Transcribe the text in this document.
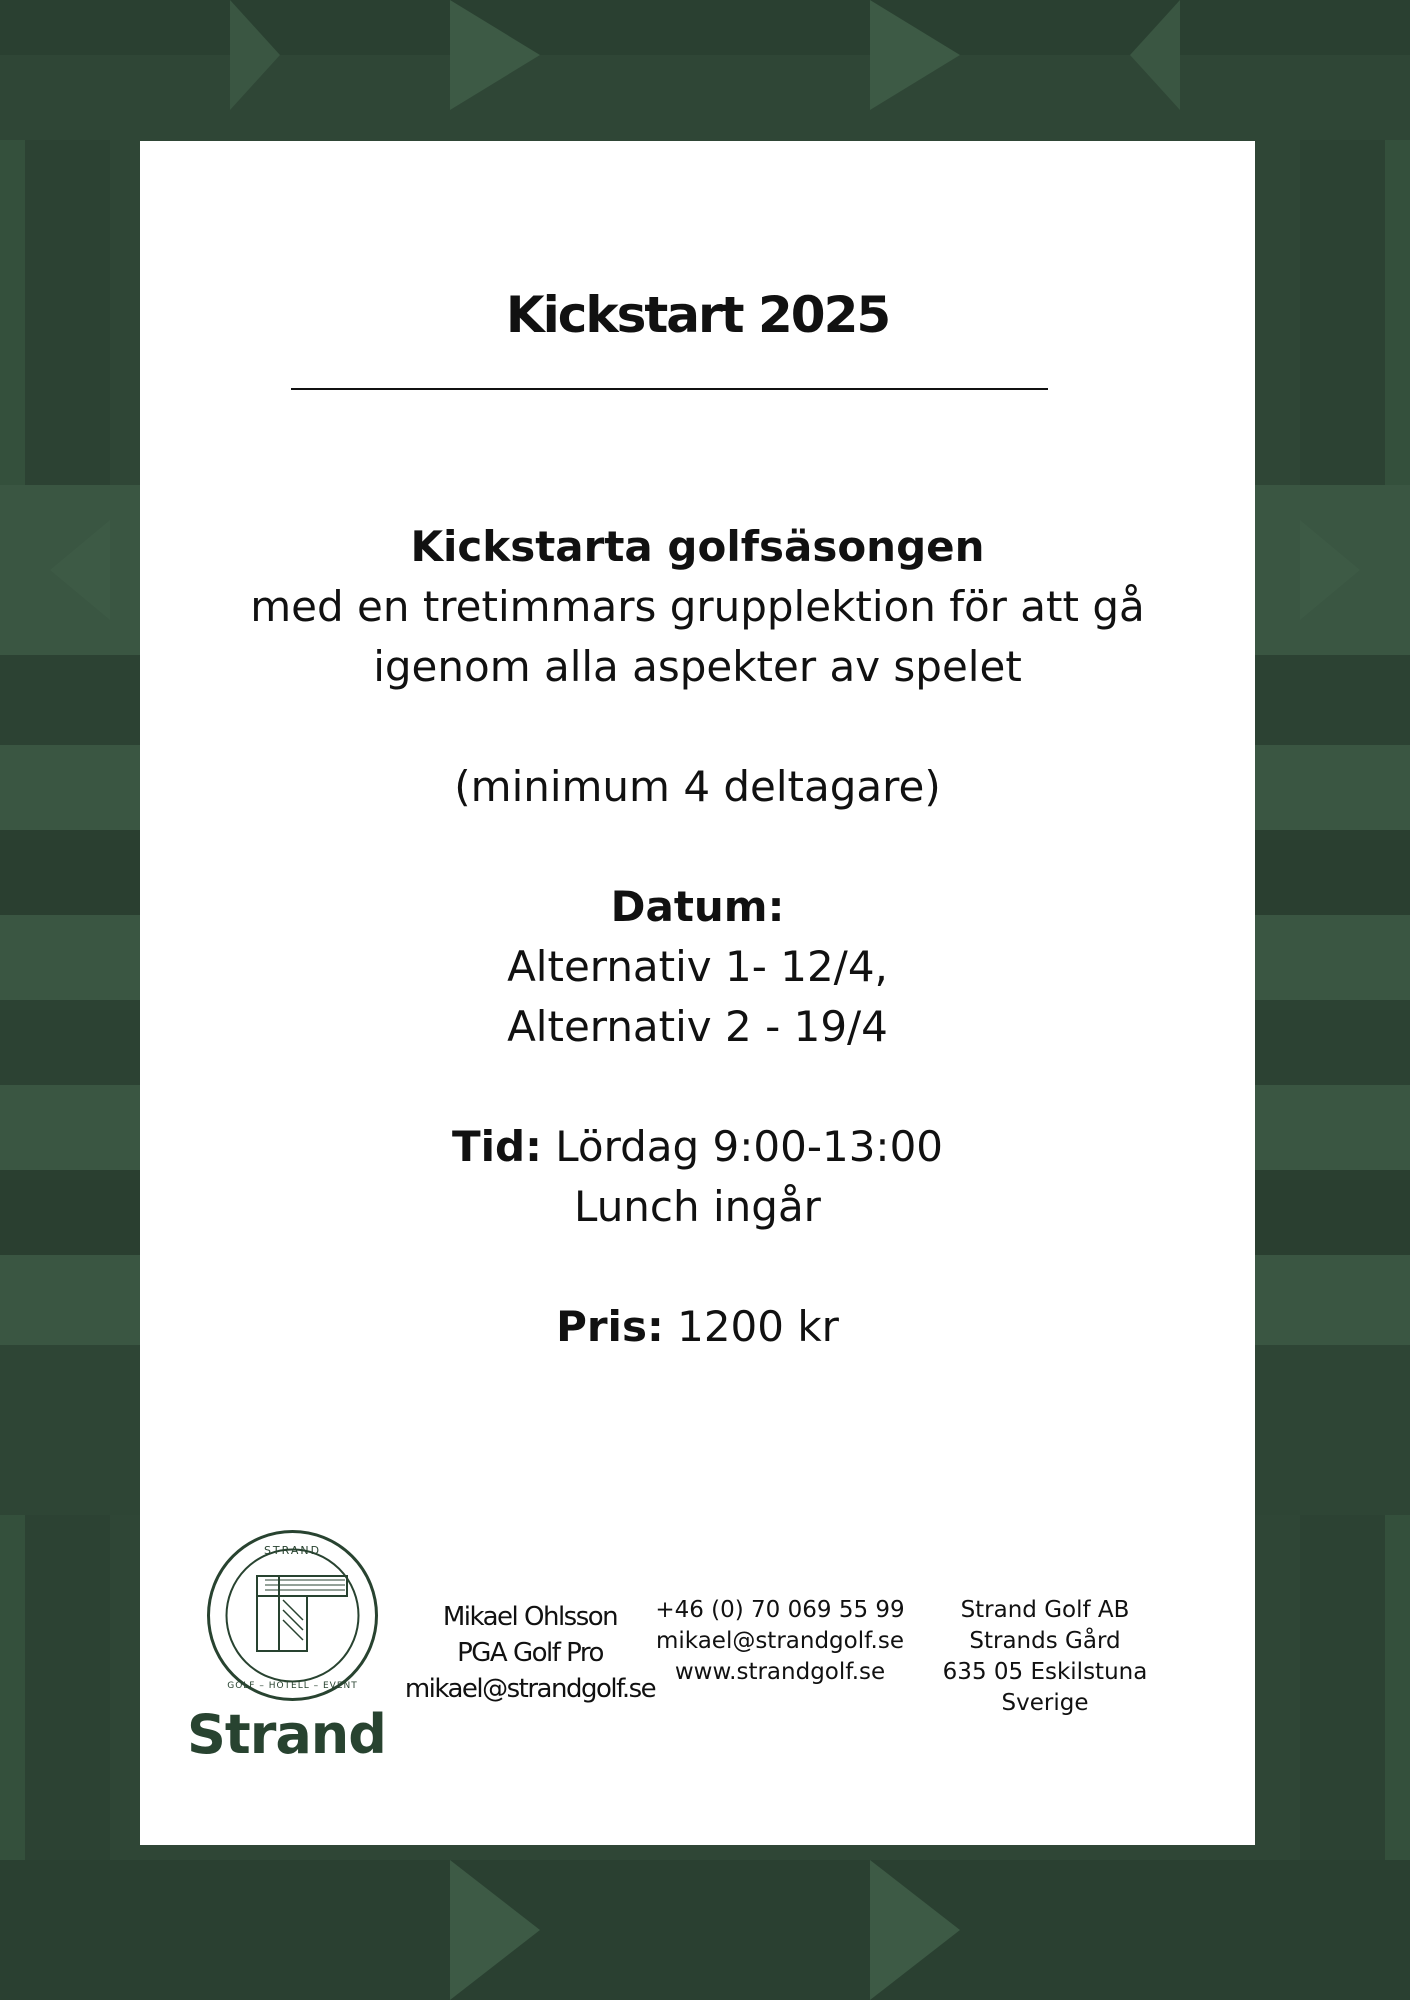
Kickstart 2025

Kickstarta golfsäsongen

med en tretimmars grupplektion för att gå

igenom alla aspekter av spelet

(minimum 4 deltagare)

Datum:

Alternativ 1- 12/4,

Alternativ 2 - 19/4

Tid: Lördag 9:00-13:00

Lunch ingår

Pris: 1200 kr

STRAND
GOLF – HOTELL – EVENT
Strand
Mikael Ohlsson
PGA Golf Pro
mikael@strandgolf.se
+46 (0) 70 069 55 99
mikael@strandgolf.se
www.strandgolf.se
Strand Golf AB
Strands Gård
635 05 Eskilstuna
Sverige
